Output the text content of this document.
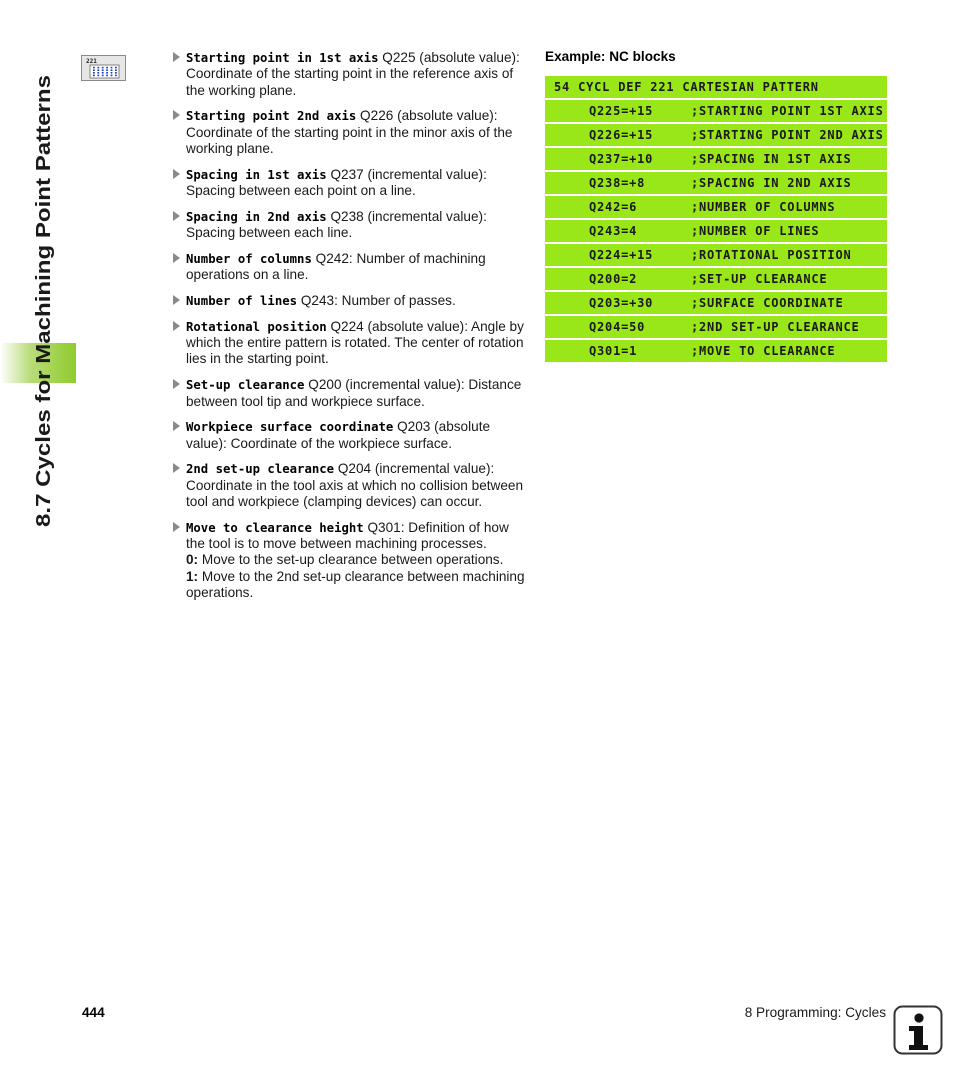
8.7 Cycles for Machining Point Patterns
221	Starting point in 1st axis Q225 (absolute value): Coordinate of the starting point in the reference axis of the working plane.
Starting point 2nd axis Q226 (absolute value): Coordinate of the starting point in the minor axis of the working plane.
Spacing in 1st axis Q237 (incremental value): Spacing between each point on a line.
Spacing in 2nd axis Q238 (incremental value): Spacing between each line.
Number of columns Q242: Number of machining operations on a line.
Number of lines Q243: Number of passes.
Rotational position Q224 (absolute value): Angle by which the entire pattern is rotated. The center of rotation lies in the starting point.
Set-up clearance Q200 (incremental value): Distance between tool tip and workpiece surface.
Workpiece surface coordinate Q203 (absolute value): Coordinate of the workpiece surface.
2nd set-up clearance Q204 (incremental value): Coordinate in the tool axis at which no collision between tool and workpiece (clamping devices) can occur.
Move to clearance height Q301: Definition of how the tool is to move between machining processes.
0: Move to the set-up clearance between operations.
1: Move to the 2nd set-up clearance between machining operations.
Example: NC blocks
54 CYCL DEF 221 CARTESIAN PATTERN
Q225=+15	;STARTING POINT 1ST AXIS
Q226=+15	;STARTING POINT 2ND AXIS
Q237=+10	;SPACING IN 1ST AXIS
Q238=+8	;SPACING IN 2ND AXIS
Q242=6	;NUMBER OF COLUMNS
Q243=4	;NUMBER OF LINES
Q224=+15	;ROTATIONAL POSITION
Q200=2	;SET-UP CLEARANCE
Q203=+30	;SURFACE COORDINATE
Q204=50	;2ND SET-UP CLEARANCE
Q301=1	;MOVE TO CLEARANCE
444	8 Programming: Cycles
